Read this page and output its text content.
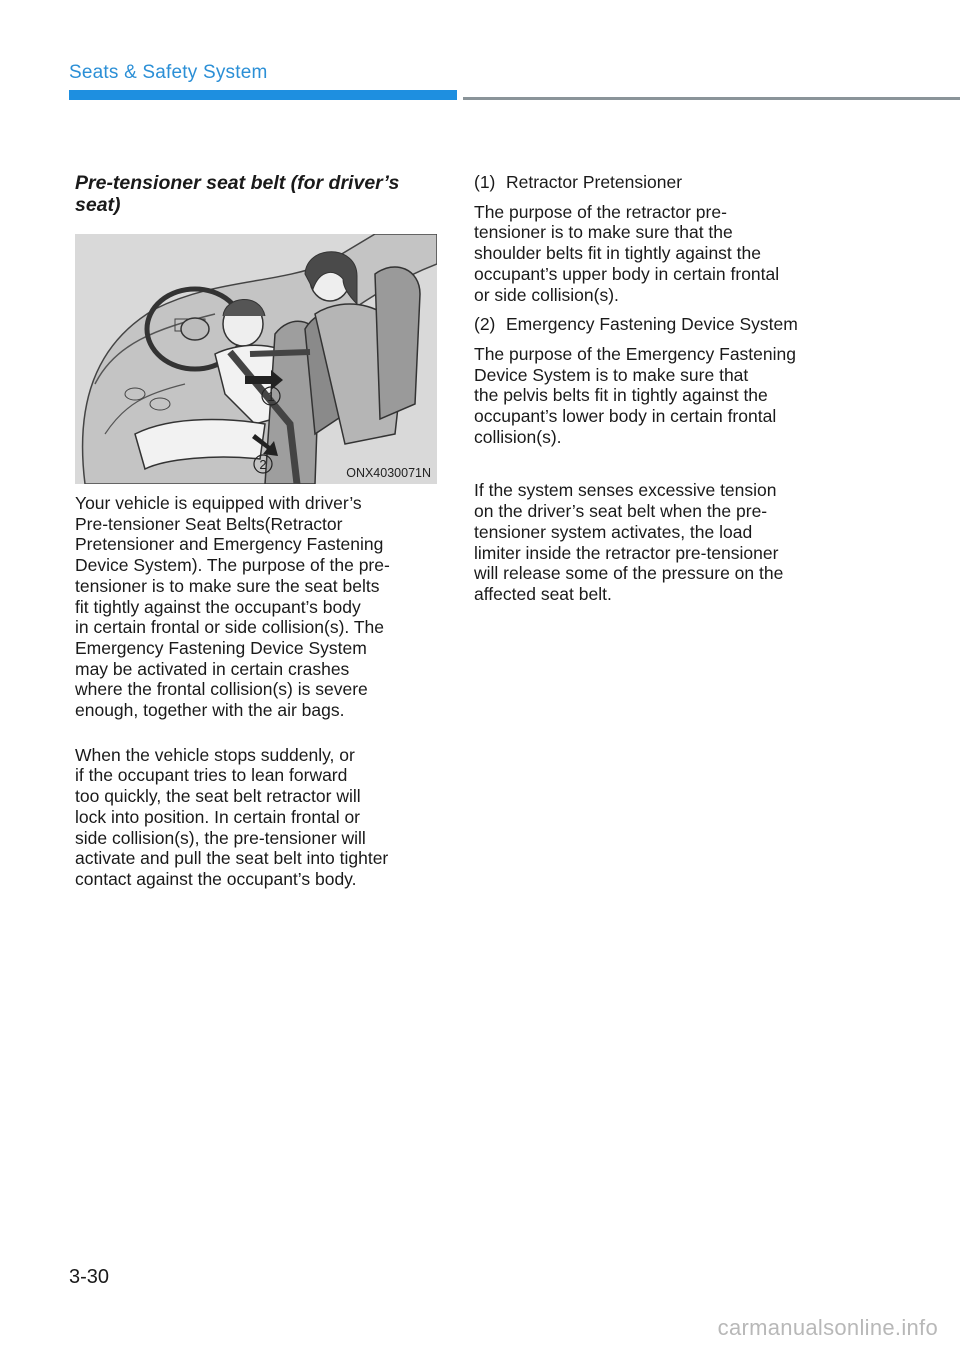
Seats & Safety System
Pre-tensioner seat belt (for driver’s seat)
1
2
ONX4030071N

Your vehicle is equipped with driver’s
Pre-tensioner Seat Belts(Retractor
Pretensioner and Emergency Fastening
Device System). The purpose of the pre-
tensioner is to make sure the seat belts
fit tightly against the occupant’s body
in certain frontal or side collision(s). The
Emergency Fastening Device System
may be activated in certain crashes
where the frontal collision(s) is severe
enough, together with the air bags.

When the vehicle stops suddenly, or
if the occupant tries to lean forward
too quickly, the seat belt retractor will
lock into position. In certain frontal or
side collision(s), the pre-tensioner will
activate and pull the seat belt into tighter
contact against the occupant’s body.

(1) Retractor Pretensioner

The purpose of the retractor pre-
tensioner is to make sure that the
shoulder belts fit in tightly against the
occupant’s upper body in certain frontal
or side collision(s).

(2) Emergency Fastening Device System

The purpose of the Emergency Fastening
Device System is to make sure that
the pelvis belts fit in tightly against the
occupant’s lower body in certain frontal
collision(s).

If the system senses excessive tension
on the driver’s seat belt when the pre-
tensioner system activates, the load
limiter inside the retractor pre-tensioner
will release some of the pressure on the
affected seat belt.

3-30
carmanualsonline.info
